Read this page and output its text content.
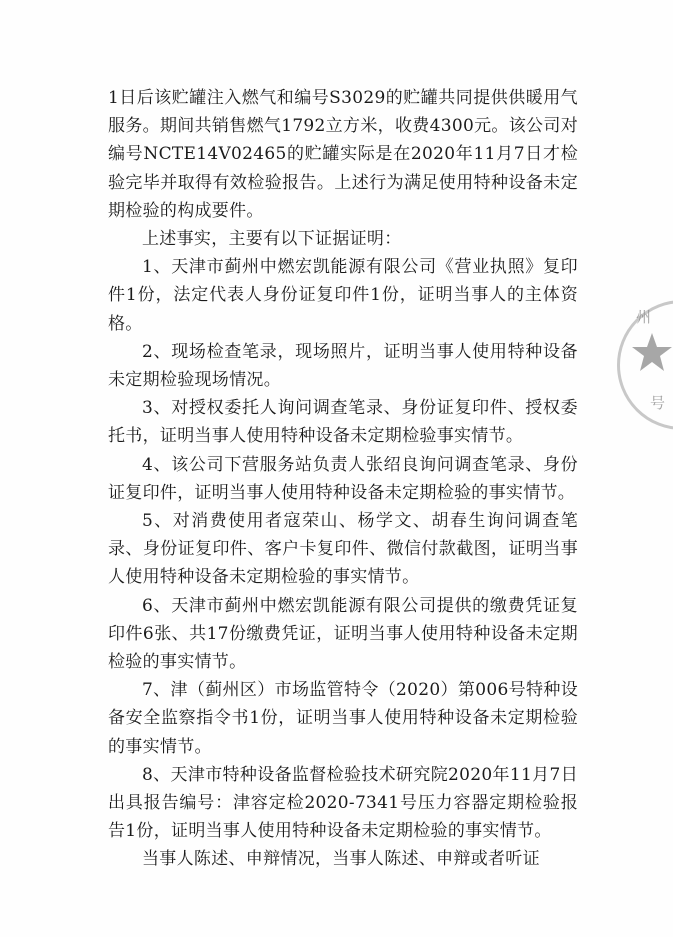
1日后该贮罐注入燃气和编号S3029的贮罐共同提供供暖用气服务。期间共销售燃气1792立方米，收费4300元。该公司对编号NCTE14V02465的贮罐实际是在2020年11月7日才检验完毕并取得有效检验报告。上述行为满足使用特种设备未定期检验的构成要件。

上述事实，主要有以下证据证明：

1、天津市蓟州中燃宏凯能源有限公司《营业执照》复印件1份，法定代表人身份证复印件1份，证明当事人的主体资格。

2、现场检查笔录，现场照片，证明当事人使用特种设备未定期检验现场情况。

3、对授权委托人询问调查笔录、身份证复印件、授权委托书，证明当事人使用特种设备未定期检验事实情节。

4、该公司下营服务站负责人张绍良询问调查笔录、身份证复印件，证明当事人使用特种设备未定期检验的事实情节。

5、对消费使用者寇荣山、杨学文、胡春生询问调查笔录、身份证复印件、客户卡复印件、微信付款截图，证明当事人使用特种设备未定期检验的事实情节。

6、天津市蓟州中燃宏凯能源有限公司提供的缴费凭证复印件6张、共17份缴费凭证，证明当事人使用特种设备未定期检验的事实情节。

7、津（蓟州区）市场监管特令（2020）第006号特种设备安全监察指令书1份，证明当事人使用特种设备未定期检验的事实情节。

8、天津市特种设备监督检验技术研究院2020年11月7日出具报告编号：津容定检2020-7341号压力容器定期检验报告1份，证明当事人使用特种设备未定期检验的事实情节。

当事人陈述、申辩情况，当事人陈述、申辩或者听证

州
号
